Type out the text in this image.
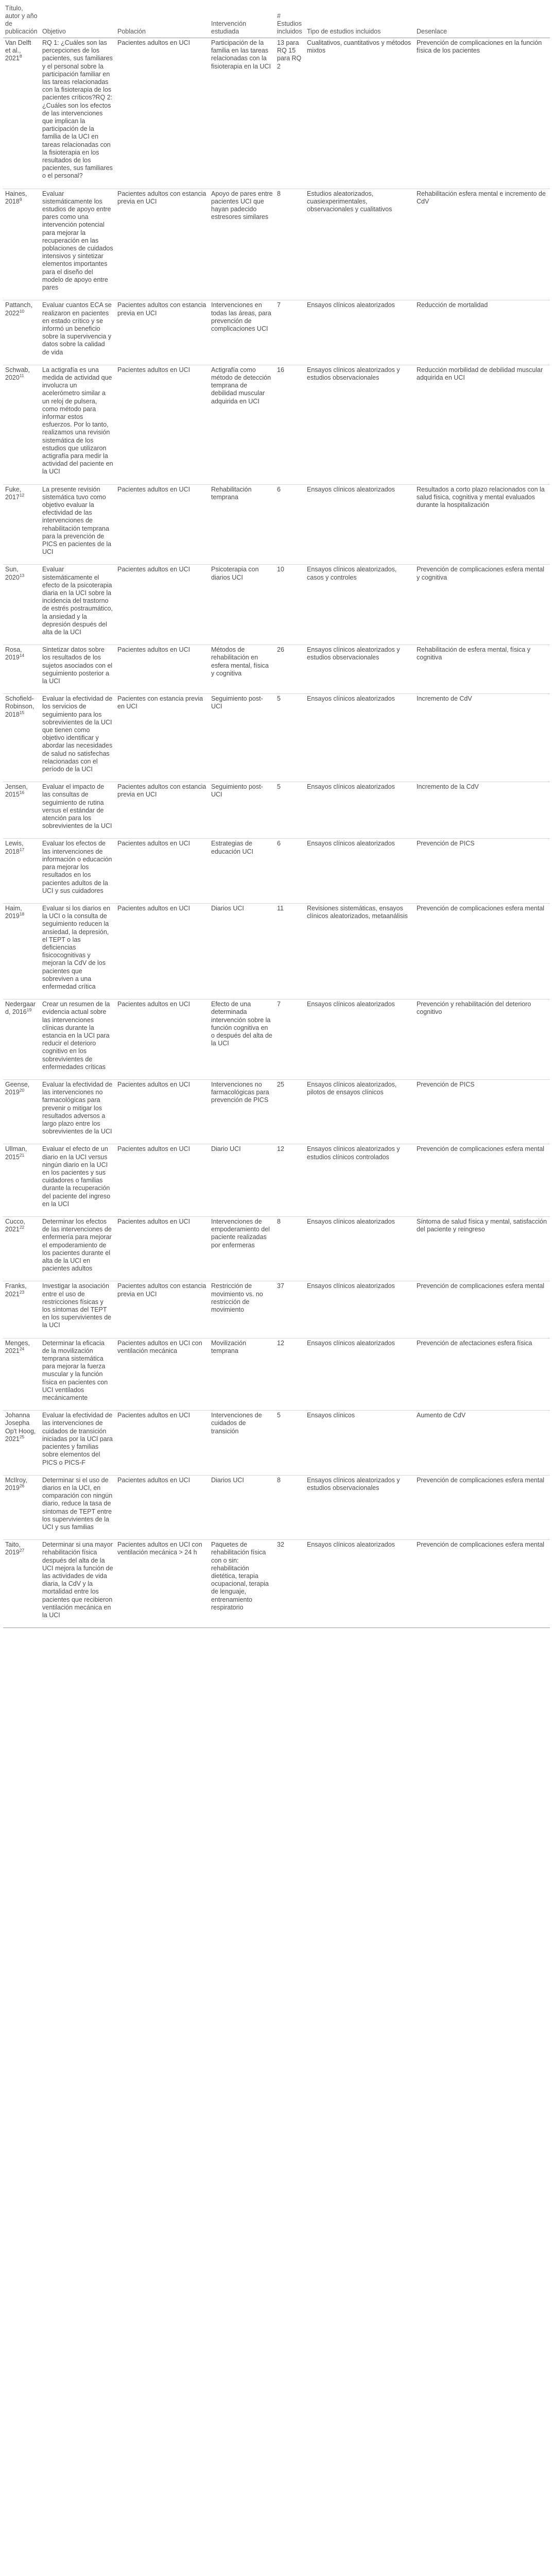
Título, autor y año de publicación	Objetivo	Población	Intervención estudiada	# Estudios incluidos	Tipo de estudios incluidos	Desenlace
Van Delft et al., 2021$^8$	RQ 1: ¿Cuáles son las percepciones de los pacientes, sus familiares y el personal sobre la participación familiar en las tareas relacionadas con la fisioterapia de los pacientes críticos?RQ 2: ¿Cuáles son los efectos de las intervenciones que implican la participación de la familia de la UCI en tareas relacionadas con la fisioterapia en los resultados de los pacientes, sus familiares o el personal?	Pacientes adultos en UCI	Participación de la familia en las tareas relacionadas con la fisioterapia en la UCI	13 para RQ 15 para RQ 2	Cualitativos, cuantitativos y métodos mixtos	Prevención de complicaciones en la función física de los pacientes
Haines, 2018$^9$	Evaluar sistemáticamente los estudios de apoyo entre pares como una intervención potencial para mejorar la recuperación en las poblaciones de cuidados intensivos y sintetizar elementos importantes para el diseño del modelo de apoyo entre pares	Pacientes adultos con estancia previa en UCI	Apoyo de pares entre pacientes UCI que hayan padecido estresores similares	8	Estudios aleatorizados, cuasiexperimentales, observacionales y cualitativos	Rehabilitación esfera mental e incremento de CdV
Pattanch, 2022$^{10}$	Evaluar cuantos ECA se realizaron en pacientes en estado crítico y se informó un beneficio sobre la supervivencia y datos sobre la calidad de vida	Pacientes adultos con estancia previa en UCI	Intervenciones en todas las áreas, para prevención de complicaciones UCI	7	Ensayos clínicos aleatorizados	Reducción de mortalidad
Schwab, 2020$^{11}$	La actigrafía es una medida de actividad que involucra un acelerómetro similar a un reloj de pulsera, como método para informar estos esfuerzos. Por lo tanto, realizamos una revisión sistemática de los estudios que utilizaron actigrafía para medir la actividad del paciente en la UCI	Pacientes adultos en UCI	Actigrafía como método de detección temprana de debilidad muscular adquirida en UCI	16	Ensayos clínicos aleatorizados y estudios observacionales	Reducción morbilidad de debilidad muscular adquirida en UCI
Fuke, 2017$^{12}$	La presente revisión sistemática tuvo como objetivo evaluar la efectividad de las intervenciones de rehabilitación temprana para la prevención de PICS en pacientes de la UCI	Pacientes adultos en UCI	Rehabilitación temprana	6	Ensayos clínicos aleatorizados	Resultados a corto plazo relacionados con la salud física, cognitiva y mental evaluados durante la hospitalización
Sun, 2020$^{13}$	Evaluar sistemáticamente el efecto de la psicoterapia diaria en la UCI sobre la incidencia del trastorno de estrés postraumático, la ansiedad y la depresión después del alta de la UCI	Pacientes adultos en UCI	Psicoterapia con diarios UCI	10	Ensayos clínicos aleatorizados, casos y controles	Prevención de complicaciones esfera mental y cognitiva
Rosa, 2019$^{14}$	Sintetizar datos sobre los resultados de los sujetos asociados con el seguimiento posterior a la UCI	Pacientes adultos en UCI	Métodos de rehabilitación en esfera mental, física y cognitiva	26	Ensayos clínicos aleatorizados y estudios observacionales	Rehabilitación de esfera mental, física y cognitiva
Schofield-Robinson, 2018$^{15}$	Evaluar la efectividad de los servicios de seguimiento para los sobrevivientes de la UCI que tienen como objetivo identificar y abordar las necesidades de salud no satisfechas relacionadas con el período de la UCI	Pacientes con estancia previa en UCI	Seguimiento post-UCI	5	Ensayos clínicos aleatorizados	Incremento de CdV
Jensen, 2015$^{16}$	Evaluar el impacto de las consultas de seguimiento de rutina versus el estándar de atención para los sobrevivientes de la UCI	Pacientes adultos con estancia previa en UCI	Seguimiento post-UCI	5	Ensayos clínicos aleatorizados	Incremento de la CdV
Lewis, 2018$^{17}$	Evaluar los efectos de las intervenciones de información o educación para mejorar los resultados en los pacientes adultos de la UCI y sus cuidadores	Pacientes adultos en UCI	Estrategias de educación UCI	6	Ensayos clínicos aleatorizados	Prevención de PICS
Haim, 2019$^{18}$	Evaluar si los diarios en la UCI o la consulta de seguimiento reducen la ansiedad, la depresión, el TEPT o las deficiencias fisicocognitivas y mejoran la CdV de los pacientes que sobreviven a una enfermedad crítica	Pacientes adultos en UCI	Diarios UCI	11	Revisiones sistemáticas, ensayos clínicos aleatorizados, metaanálisis	Prevención de complicaciones esfera mental
Nedergaard, 2016$^{19}$	Crear un resumen de la evidencia actual sobre las intervenciones clínicas durante la estancia en la UCI para reducir el deterioro cognitivo en los sobrevivientes de enfermedades críticas	Pacientes adultos en UCI	Efecto de una determinada intervención sobre la función cognitiva en o después del alta de la UCI	7	Ensayos clínicos aleatorizados	Prevención y rehabilitación del deterioro cognitivo
Geense, 2019$^{20}$	Evaluar la efectividad de las intervenciones no farmacológicas para prevenir o mitigar los resultados adversos a largo plazo entre los sobrevivientes de la UCI	Pacientes adultos en UCI	Intervenciones no farmacológicas para prevención de PICS	25	Ensayos clínicos aleatorizados, pilotos de ensayos clínicos	Prevención de PICS
Ullman, 2015$^{21}$	Evaluar el efecto de un diario en la UCI versus ningún diario en la UCI en los pacientes y sus cuidadores o familias durante la recuperación del paciente del ingreso en la UCI	Pacientes adultos en UCI	Diario UCI	12	Ensayos clínicos aleatorizados y estudios clínicos controlados	Prevención de complicaciones esfera mental
Cucco, 2021$^{22}$	Determinar los efectos de las intervenciones de enfermería para mejorar el empoderamiento de los pacientes durante el alta de la UCI en pacientes adultos	Pacientes adultos en UCI	Intervenciones de empoderamiento del paciente realizadas por enfermeras	8	Ensayos clínicos aleatorizados	Síntoma de salud física y mental, satisfacción del paciente y reingreso
Franks, 2021$^{23}$	Investigar la asociación entre el uso de restricciones físicas y los síntomas del TEPT en los supervivientes de la UCI	Pacientes adultos con estancia previa en UCI	Restricción de movimiento vs. no restricción de movimiento	37	Ensayos clínicos aleatorizados	Prevención de complicaciones esfera mental
Menges, 2021$^{24}$	Determinar la eficacia de la movilización temprana sistemática para mejorar la fuerza muscular y la función física en pacientes con UCI ventilados mecánicamente	Pacientes adultos en UCI con ventilación mecánica	Movilización temprana	12	Ensayos clínicos aleatorizados	Prevención de afectaciones esfera física
Johanna Josepha Op't Hoog, 2021$^{25}$	Evaluar la efectividad de las intervenciones de cuidados de transición iniciadas por la UCI para pacientes y familias sobre elementos del PICS o PICS-F	Pacientes adultos en UCI	Intervenciones de cuidados de transición	5	Ensayos clínicos	Aumento de CdV
McIlroy, 2019$^{26}$	Determinar si el uso de diarios en la UCI, en comparación con ningún diario, reduce la tasa de síntomas de TEPT entre los supervivientes de la UCI y sus familias	Pacientes adultos en UCI	Diarios UCI	8	Ensayos clínicos aleatorizados y estudios observacionales	Prevención de complicaciones esfera mental
Taito, 2019$^{27}$	Determinar si una mayor rehabilitación física después del alta de la UCI mejora la función de las actividades de vida diaria, la CdV y la mortalidad entre los pacientes que recibieron ventilación mecánica en la UCI	Pacientes adultos en UCI con ventilación mecánica > 24 h	Paquetes de rehabilitación física con o sin: rehabilitación dietética, terapia ocupacional, terapia de lenguaje, entrenamiento respiratorio	32	Ensayos clínicos aleatorizados	Prevención de complicaciones esfera mental
